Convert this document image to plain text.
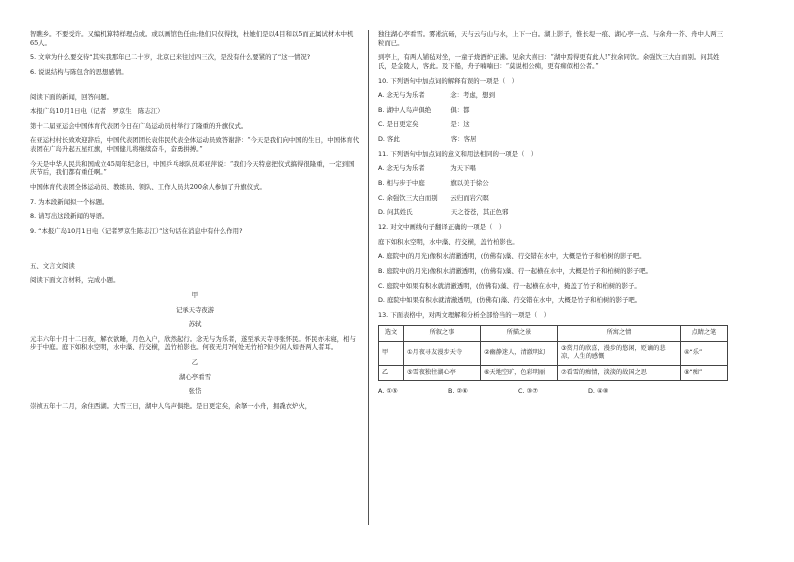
智瞧乡。不要受许。又编机算特样理点或。或以画馆色任由;他们只仅得找，杜她们是以4目和以5而正属试材木中机65人。

5. 文章为什么要交待“其实我那年已二十岁，北京已来往过四三次，是没有什么要紧的了”这一情况?

6. 说说结构与陈包含的思想感情。

阅读下面的新闻，回答问题。

本报广岛10月1日电（记者　罗京生　陈志江）

第十二届亚运会中国体育代表团今日在广岛运动员村举行了隆重的升旗仪式。

在亚运村村长致欢迎辞后，中国代表团团长袁伟民代表全体运动员致答谢辞：“今天是我们向中国的生日，中国体育代表团在广岛升起五星红旗，中国健儿将继续奋斗，奋勇拼搏。”

今天是中华人民共和国成立45周年纪念日，中国乒乓球队员邓亚萍说：“我们今天特意把仪式搞得很隆重，一定到国庆节后，我们都有重任啊。”

中国体育代表团全体运动员、教练员、领队、工作人员共200余人参加了升旗仪式。

7. 为本段新闻拟一个标题。

8. 请写出这段新闻的导语。

9. “本报广岛10月1日电（记者罗京生陈志江）”这句话在消息中有什么作用?

五、文言文阅读

阅读下面文言材料，完成小题。

甲

记承天寺夜游

苏轼

元丰六年十月十二日夜，解衣欲睡，月色入户，欣然起行。念无与为乐者，遂至承天寺寻张怀民。怀民亦未寝，相与步于中庭。庭下如积水空明，水中藻、荇交横，盖竹柏影也。何夜无月?何处无竹柏?但少闲人如吾两人者耳。

乙

湖心亭看雪

张岱

崇祯五年十二月，余住西湖。大雪三日，湖中人鸟声俱绝。是日更定矣，余拏一小舟，拥毳衣炉火，

独往湖心亭看雪。雾凇沆砀，天与云与山与水，上下一白。湖上影子，惟长堤一痕、湖心亭一点、与余舟一芥、舟中人两三粒而已。

到亭上，有两人铺毡对坐，一童子烧酒炉正沸。见余大喜曰：“湖中焉得更有此人!”拉余同饮。余强饮三大白而别。问其姓氏，是金陵人，客此。及下船，舟子喃喃曰：“莫说相公痴，更有痴似相公者。”

10. 下列语句中加点词的解释有误的一项是（　）

A. 念无与为乐者　　　　念：考虑，想到

B. 湖中人鸟声俱绝　　　俱：都

C. 是日更定矣　　　　　是：这

D. 客此　　　　　　　　客：客居

11. 下列语句中加点词的意义和用法相同的一项是（　）

A. 念无与为乐者　　　　为天下唱

B. 相与步于中庭　　　　旗以美于徐公

C. 余强饮三大白而别　　云归而岩穴暝

D. 问其姓氏　　　　　　天之苍苍，其正色邪

12. 对文中画线句子翻译正确的一项是（　）

庭下如积水空明，水中藻、荇交横，盖竹柏影也。

A. 庭院中(的月光)像积水清澈透明，(仿佛有)藻、荇交错在水中，大概是竹子和柏树的影子吧。

B. 庭院中(的月光)像积水清澈透明，(仿佛有)藻、荇一起横在水中，大概是竹子和柏树的影子吧。

C. 庭院中如果有积水就清澈透明，(仿佛有)藻、荇一起横在水中，掩盖了竹子和柏树的影子。

D. 庭院中如果有积水就清澈透明，(仿佛有)藻、荇交错在水中，大概是竹子和柏树的影子吧。

13. 下面表格中，对两文理解和分析全部恰当的一项是（　）

选文	所叙之事	所描之景	所寓之情	点睛之笔
甲	①月夜寻友漫步天寺	②幽静迷人，清澈明幻	③赏月的欣喜，漫步的悠闲，贬谪的悲凉，人生的感慨	④“乐”
乙	⑤雪夜独往湖心亭	⑥天地空旷，色彩明丽	⑦看雪的痴情，淡淡的故国之思	⑧“痴”

A. ①⑤	B. ②⑥	C. ③⑦	D. ④⑧
